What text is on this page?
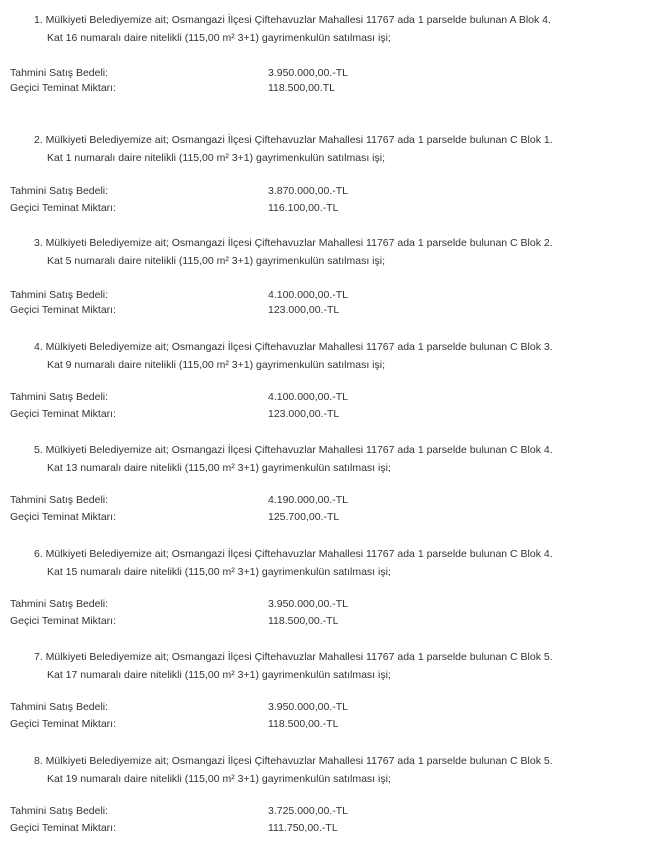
1. Mülkiyeti Belediyemize ait; Osmangazi İlçesi Çiftehavuzlar Mahallesi 11767 ada 1 parselde bulunan A Blok 4.

Kat 16 numaralı daire nitelikli (115,00 m² 3+1) gayrimenkulün satılması işi;

Tahmini Satış Bedeli:	3.950.000,00.-TL

Geçici Teminat Miktarı:	118.500,00.TL

2. Mülkiyeti Belediyemize ait; Osmangazi İlçesi Çiftehavuzlar Mahallesi 11767 ada 1 parselde bulunan C Blok 1.

Kat 1 numaralı daire nitelikli (115,00 m² 3+1) gayrimenkulün satılması işi;

Tahmini Satış Bedeli:	3.870.000,00.-TL

Geçici Teminat Miktarı:	116.100,00.-TL

3. Mülkiyeti Belediyemize ait; Osmangazi İlçesi Çiftehavuzlar Mahallesi 11767 ada 1 parselde bulunan C Blok 2.

Kat 5 numaralı daire nitelikli (115,00 m² 3+1) gayrimenkulün satılması işi;

Tahmini Satış Bedeli:	4.100.000,00.-TL

Geçici Teminat Miktarı:	123.000,00.-TL

4. Mülkiyeti Belediyemize ait; Osmangazi İlçesi Çiftehavuzlar Mahallesi 11767 ada 1 parselde bulunan C Blok 3.

Kat 9 numaralı daire nitelikli (115,00 m² 3+1) gayrimenkulün satılması işi;

Tahmini Satış Bedeli:	4.100.000,00.-TL

Geçici Teminat Miktarı:	123.000,00.-TL

5. Mülkiyeti Belediyemize ait; Osmangazi İlçesi Çiftehavuzlar Mahallesi 11767 ada 1 parselde bulunan C Blok 4.

Kat 13 numaralı daire nitelikli (115,00 m² 3+1) gayrimenkulün satılması işi;

Tahmini Satış Bedeli:	4.190.000,00.-TL

Geçici Teminat Miktarı:	125.700,00.-TL

6. Mülkiyeti Belediyemize ait; Osmangazi İlçesi Çiftehavuzlar Mahallesi 11767 ada 1 parselde bulunan C Blok 4.

Kat 15 numaralı daire nitelikli (115,00 m² 3+1) gayrimenkulün satılması işi;

Tahmini Satış Bedeli:	3.950.000,00.-TL

Geçici Teminat Miktarı:	118.500,00.-TL

7. Mülkiyeti Belediyemize ait; Osmangazi İlçesi Çiftehavuzlar Mahallesi 11767 ada 1 parselde bulunan C Blok 5.

Kat 17 numaralı daire nitelikli (115,00 m² 3+1) gayrimenkulün satılması işi;

Tahmini Satış Bedeli:	3.950.000,00.-TL

Geçici Teminat Miktarı:	118.500,00.-TL

8. Mülkiyeti Belediyemize ait; Osmangazi İlçesi Çiftehavuzlar Mahallesi 11767 ada 1 parselde bulunan C Blok 5.

Kat 19 numaralı daire nitelikli (115,00 m² 3+1) gayrimenkulün satılması işi;

Tahmini Satış Bedeli:	3.725.000,00.-TL

Geçici Teminat Miktarı:	111.750,00.-TL
